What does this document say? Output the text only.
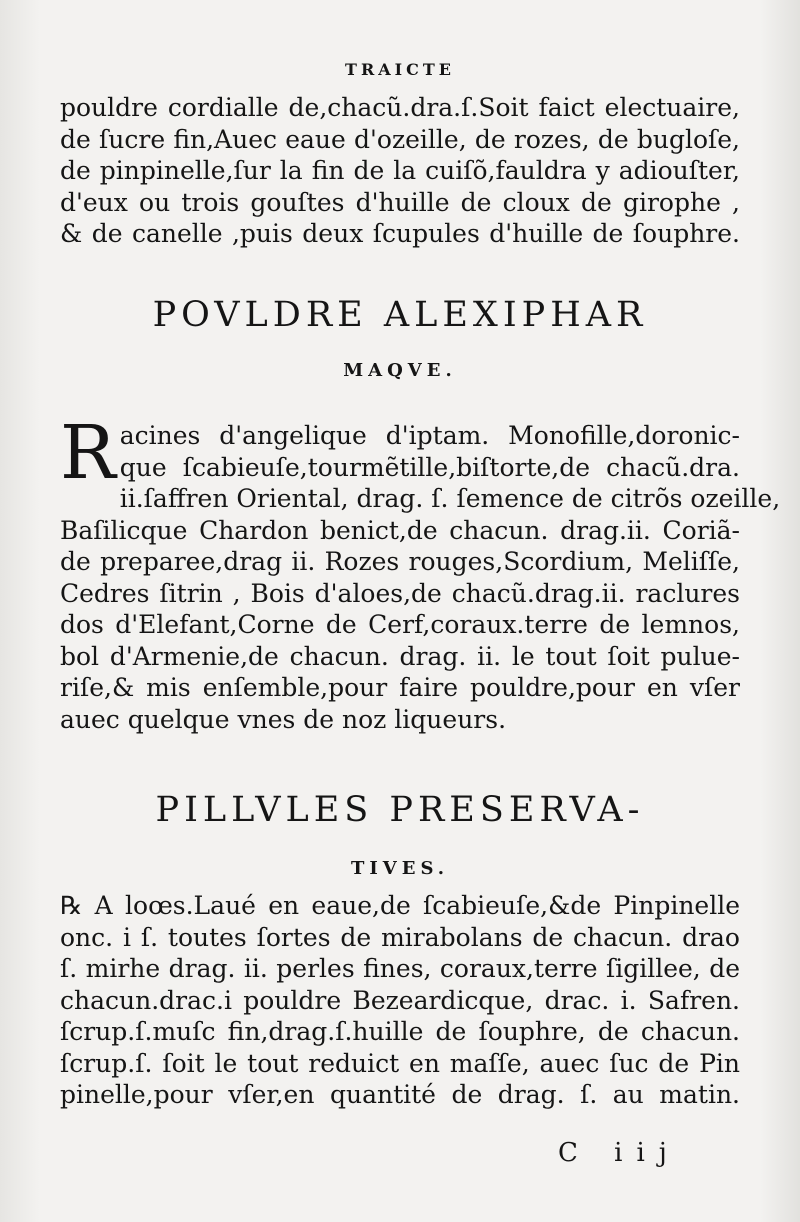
TRAICTE
pouldre cordialle de,chacũ.dra.ſ.Soit faict electuaire,
de ſucre fin,Auec eaue d'ozeille, de rozes, de bugloſe,
de pinpinelle,ſur la fin de la cuiſõ,fauldra y adiouſter,
d'eux ou trois gouſtes d'huille de cloux de girophe ,
& de canelle ,puis deux ſcupules d'huille de ſouphre.
POVLDRE ALEXIPHAR
MAQVE.
R acines d'angelique d'iptam. Monofille,doronic-
que ſcabieuſe,tourmẽtille,biſtorte,de chacũ.dra.
ii.ſaffren Oriental, drag. ſ. ſemence de citrõs ozeille,
Baſilicque Chardon benict,de chacun. drag.ii. Coriã-
de preparee,drag ii. Rozes rouges,Scordium, Meliſſe,
Cedres ſitrin , Bois d'aloes,de chacũ.drag.ii. raclures
dos d'Elefant,Corne de Cerf,coraux.terre de lemnos,
bol d'Armenie,de chacun. drag. ii. le tout ſoit pulue-
riſe,& mis enſemble,pour faire pouldre,pour en vſer
auec quelque vnes de noz liqueurs.
PILLVLES PRESERVA-
TIVES.
℞ A loœs.Laué en eaue,de ſcabieuſe,&de Pinpinelle
onc. i ſ. toutes ſortes de mirabolans de chacun. drao
ſ. mirhe drag. ii. perles fines, coraux,terre ſigillee, de
chacun.drac.i pouldre Bezeardicque, drac. i. Safren.
ſcrup.ſ.muſc fin,drag.ſ.huille de ſouphre, de chacun.
ſcrup.ſ. ſoit le tout reduict en maſſe, auec ſuc de Pin
pinelle,pour vſer,en quantité de drag. ſ. au matin.
C iij
